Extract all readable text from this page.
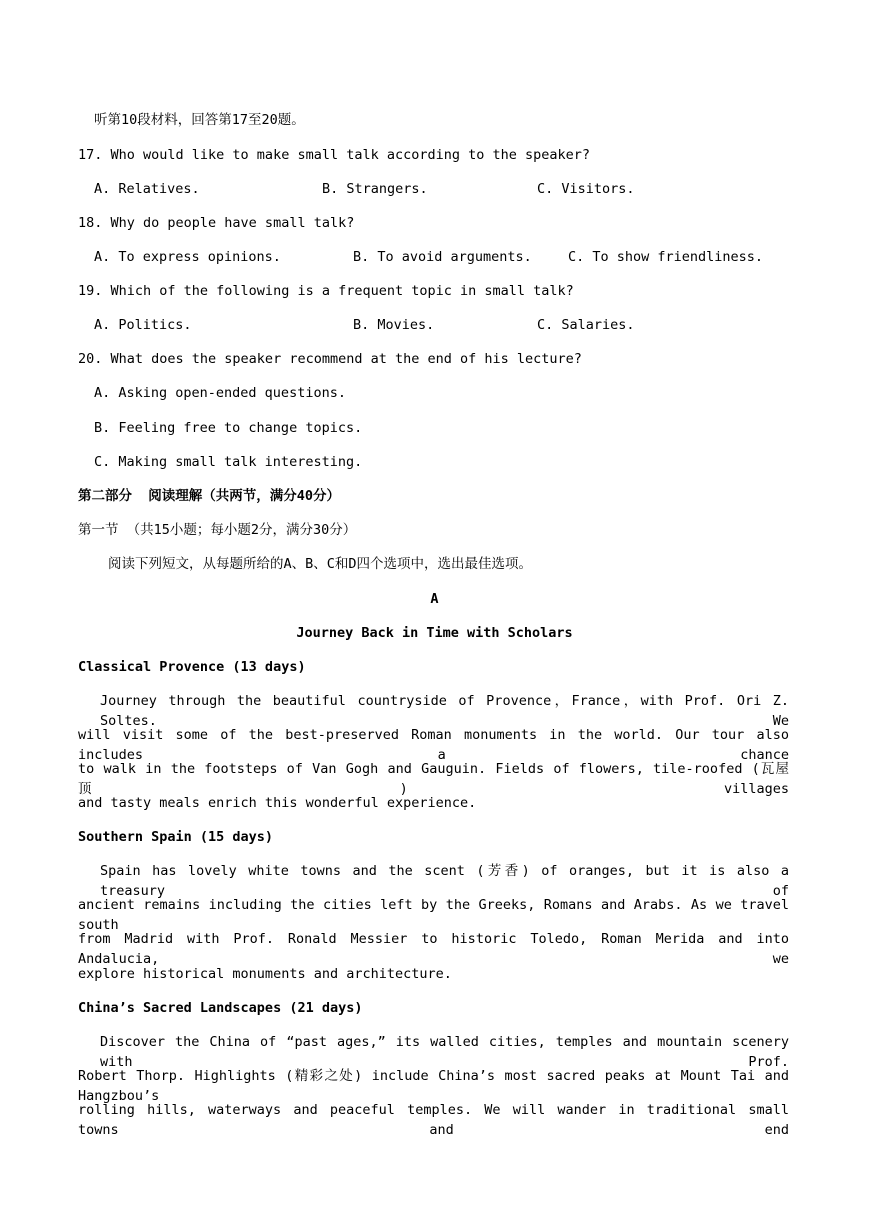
听第10段材料，回答第17至20题。
17. Who would like to make small talk according to the speaker?
A. Relatives.	B. Strangers.	C. Visitors.
18. Why do people have small talk?
A. To express opinions.	B. To avoid arguments.	C. To show friendliness.
19. Which of the following is a frequent topic in small talk?
A. Politics.	B. Movies.	C. Salaries.
20. What does the speaker recommend at the end of his lecture?
A. Asking open-ended questions.
B. Feeling free to change topics.
C. Making small talk interesting.
第二部分  阅读理解（共两节，满分40分）
第一节 （共15小题；每小题2分，满分30分）
阅读下列短文，从每题所给的A、B、C和D四个选项中，选出最佳选项。
A
Journey Back in Time with Scholars
Classical Provence (13 days)
Journey through the beautiful countryside of Provence，France，with Prof. Ori Z. Soltes. We
will visit some of the best-preserved Roman monuments in the world. Our tour also includes a chance
to walk in the footsteps of Van Gogh and Gauguin. Fields of flowers, tile-roofed (瓦屋顶) villages
and tasty meals enrich this wonderful experience.
Southern Spain (15 days)
Spain has lovely white towns and the scent (芳香) of oranges, but it is also a treasury of
ancient remains including the cities left by the Greeks, Romans and Arabs. As we travel south
from Madrid with Prof. Ronald Messier to historic Toledo, Roman Merida and into Andalucia, we
explore historical monuments and architecture.
China’s Sacred Landscapes (21 days)
Discover the China of “past ages,” its walled cities, temples and mountain scenery with Prof.
Robert Thorp. Highlights (精彩之处) include China’s most sacred peaks at Mount Tai and Hangzbou’s
rolling hills, waterways and peaceful temples. We will wander in traditional small towns and end
